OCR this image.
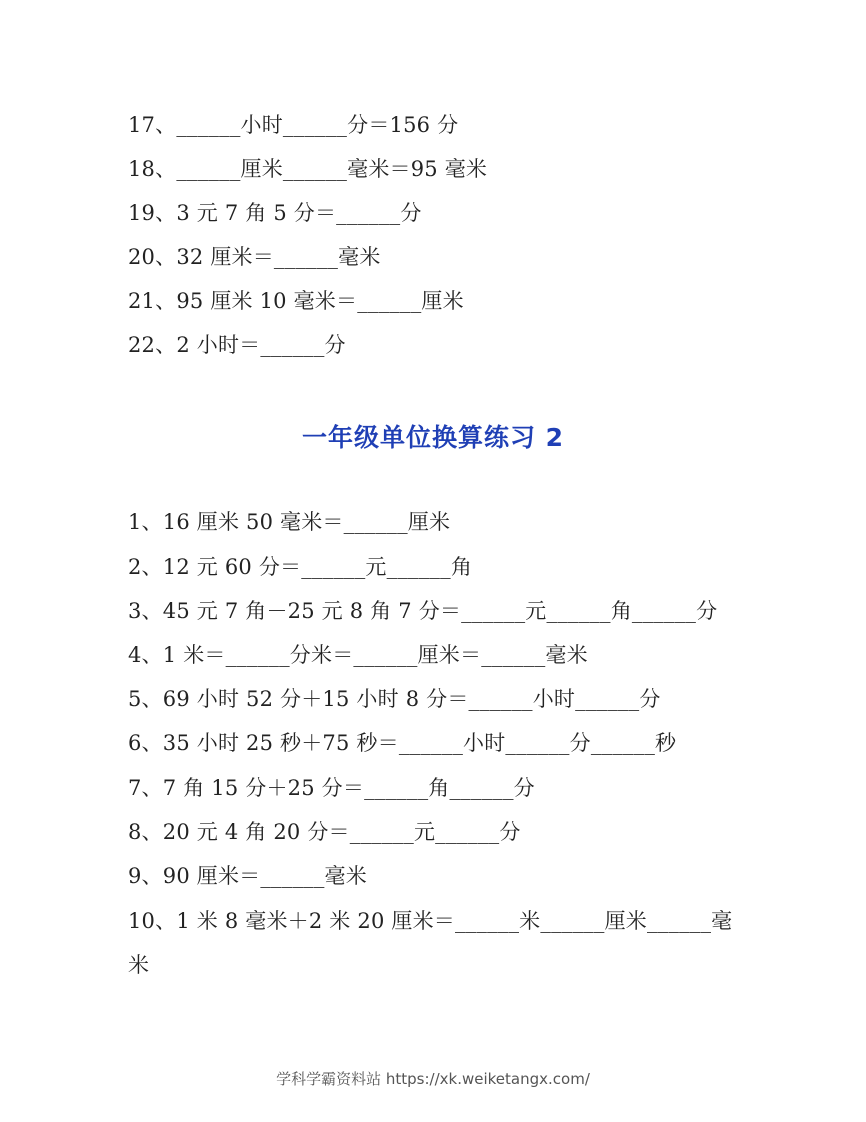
17、______小时______分＝156 分
18、______厘米______毫米＝95 毫米
19、3 元 7 角 5 分＝______分
20、32 厘米＝______毫米
21、95 厘米 10 毫米＝______厘米
22、2 小时＝______分
一年级单位换算练习 2
1、16 厘米 50 毫米＝______厘米
2、12 元 60 分＝______元______角
3、45 元 7 角－25 元 8 角 7 分＝______元______角______分
4、1 米＝______分米＝______厘米＝______毫米
5、69 小时 52 分＋15 小时 8 分＝______小时______分
6、35 小时 25 秒＋75 秒＝______小时______分______秒
7、7 角 15 分＋25 分＝______角______分
8、20 元 4 角 20 分＝______元______分
9、90 厘米＝______毫米
10、1 米 8 毫米＋2 米 20 厘米＝______米______厘米______毫
米
学科学霸资料站 https://xk.weiketangx.com/
